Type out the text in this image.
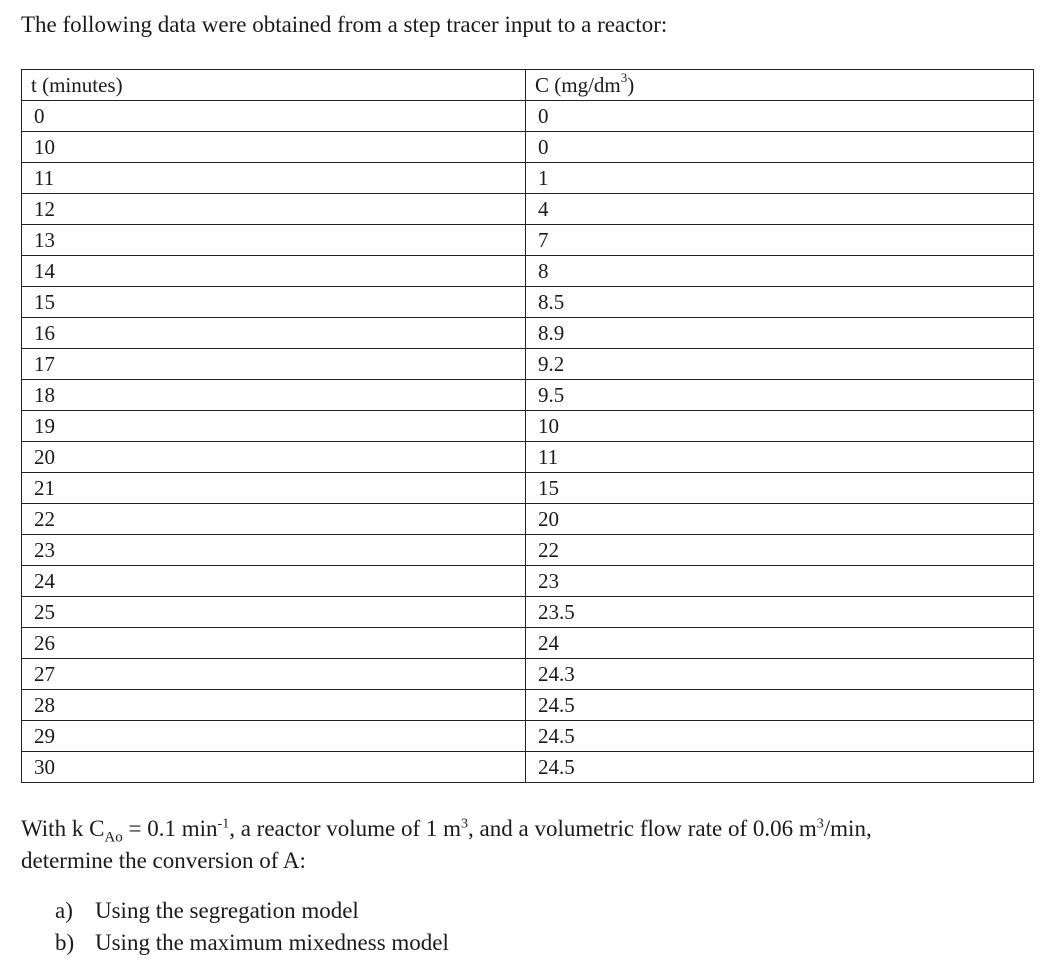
The following data were obtained from a step tracer input to a reactor:

t (minutes)	C $(mg/dm^3)$
0	0
10	0
11	1
12	4
13	7
14	8
15	8.5
16	8.9
17	9.2
18	9.5
19	10
20	11
21	15
22	20
23	22
24	23
25	23.5
26	24
27	24.3
28	24.5
29	24.5
30	24.5

With k $C_{Ao} = 0.1$ $\min^{-1}$, a reactor volume of 1 $m^3$, and a volumetric flow rate of 0.06 $m^3/\min$,
determine the conversion of A:

a) Using the segregation model
b) Using the maximum mixedness model
